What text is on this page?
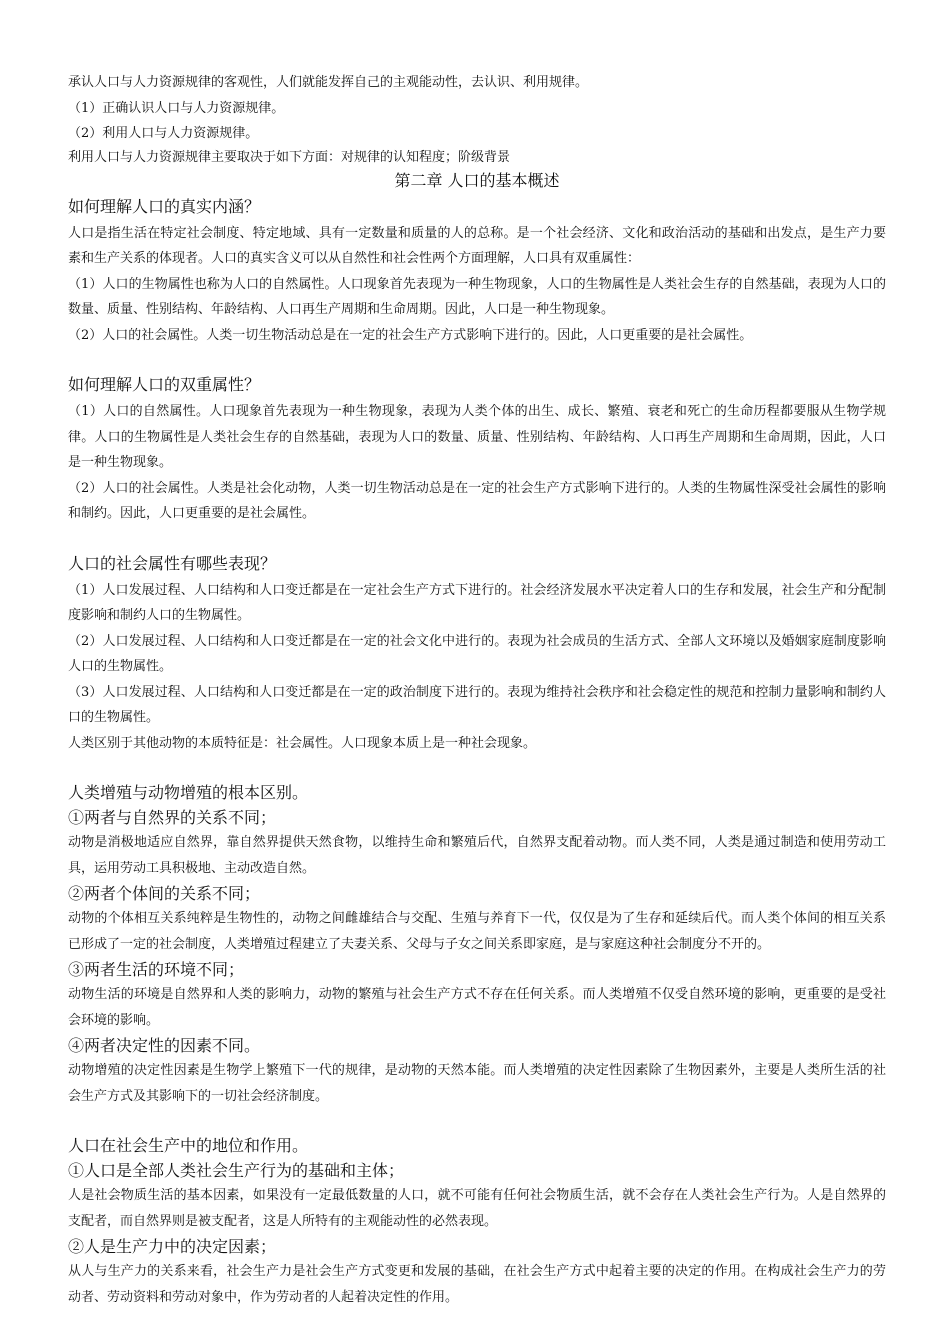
承认人口与人力资源规律的客观性，人们就能发挥自己的主观能动性，去认识、利用规律。

（1）正确认识人口与人力资源规律。

（2）利用人口与人力资源规律。

利用人口与人力资源规律主要取决于如下方面：对规律的认知程度；阶级背景

第二章 人口的基本概述

如何理解人口的真实内涵？

人口是指生活在特定社会制度、特定地域、具有一定数量和质量的人的总称。是一个社会经济、文化和政治活动的基础和出发点，是生产力要素和生产关系的体现者。人口的真实含义可以从自然性和社会性两个方面理解，人口具有双重属性：

（1）人口的生物属性也称为人口的自然属性。人口现象首先表现为一种生物现象，人口的生物属性是人类社会生存的自然基础，表现为人口的数量、质量、性别结构、年龄结构、人口再生产周期和生命周期。因此，人口是一种生物现象。

（2）人口的社会属性。人类一切生物活动总是在一定的社会生产方式影响下进行的。因此，人口更重要的是社会属性。

如何理解人口的双重属性？

（1）人口的自然属性。人口现象首先表现为一种生物现象，表现为人类个体的出生、成长、繁殖、衰老和死亡的生命历程都要服从生物学规律。人口的生物属性是人类社会生存的自然基础，表现为人口的数量、质量、性别结构、年龄结构、人口再生产周期和生命周期，因此，人口是一种生物现象。

（2）人口的社会属性。人类是社会化动物，人类一切生物活动总是在一定的社会生产方式影响下进行的。人类的生物属性深受社会属性的影响和制约。因此，人口更重要的是社会属性。

人口的社会属性有哪些表现？

（1）人口发展过程、人口结构和人口变迁都是在一定社会生产方式下进行的。社会经济发展水平决定着人口的生存和发展，社会生产和分配制度影响和制约人口的生物属性。

（2）人口发展过程、人口结构和人口变迁都是在一定的社会文化中进行的。表现为社会成员的生活方式、全部人文环境以及婚姻家庭制度影响人口的生物属性。

（3）人口发展过程、人口结构和人口变迁都是在一定的政治制度下进行的。表现为维持社会秩序和社会稳定性的规范和控制力量影响和制约人口的生物属性。

人类区别于其他动物的本质特征是：社会属性。人口现象本质上是一种社会现象。

人类增殖与动物增殖的根本区别。

①两者与自然界的关系不同；

动物是消极地适应自然界，靠自然界提供天然食物，以维持生命和繁殖后代，自然界支配着动物。而人类不同，人类是通过制造和使用劳动工具，运用劳动工具积极地、主动改造自然。

②两者个体间的关系不同；

动物的个体相互关系纯粹是生物性的，动物之间雌雄结合与交配、生殖与养育下一代，仅仅是为了生存和延续后代。而人类个体间的相互关系已形成了一定的社会制度，人类增殖过程建立了夫妻关系、父母与子女之间关系即家庭，是与家庭这种社会制度分不开的。

③两者生活的环境不同；

动物生活的环境是自然界和人类的影响力，动物的繁殖与社会生产方式不存在任何关系。而人类增殖不仅受自然环境的影响，更重要的是受社会环境的影响。

④两者决定性的因素不同。

动物增殖的决定性因素是生物学上繁殖下一代的规律，是动物的天然本能。而人类增殖的决定性因素除了生物因素外，主要是人类所生活的社会生产方式及其影响下的一切社会经济制度。

人口在社会生产中的地位和作用。

①人口是全部人类社会生产行为的基础和主体；

人是社会物质生活的基本因素，如果没有一定最低数量的人口，就不可能有任何社会物质生活，就不会存在人类社会生产行为。人是自然界的支配者，而自然界则是被支配者，这是人所特有的主观能动性的必然表现。

②人是生产力中的决定因素；

从人与生产力的关系来看，社会生产力是社会生产方式变更和发展的基础，在社会生产方式中起着主要的决定的作用。在构成社会生产力的劳动者、劳动资料和劳动对象中，作为劳动者的人起着决定性的作用。
